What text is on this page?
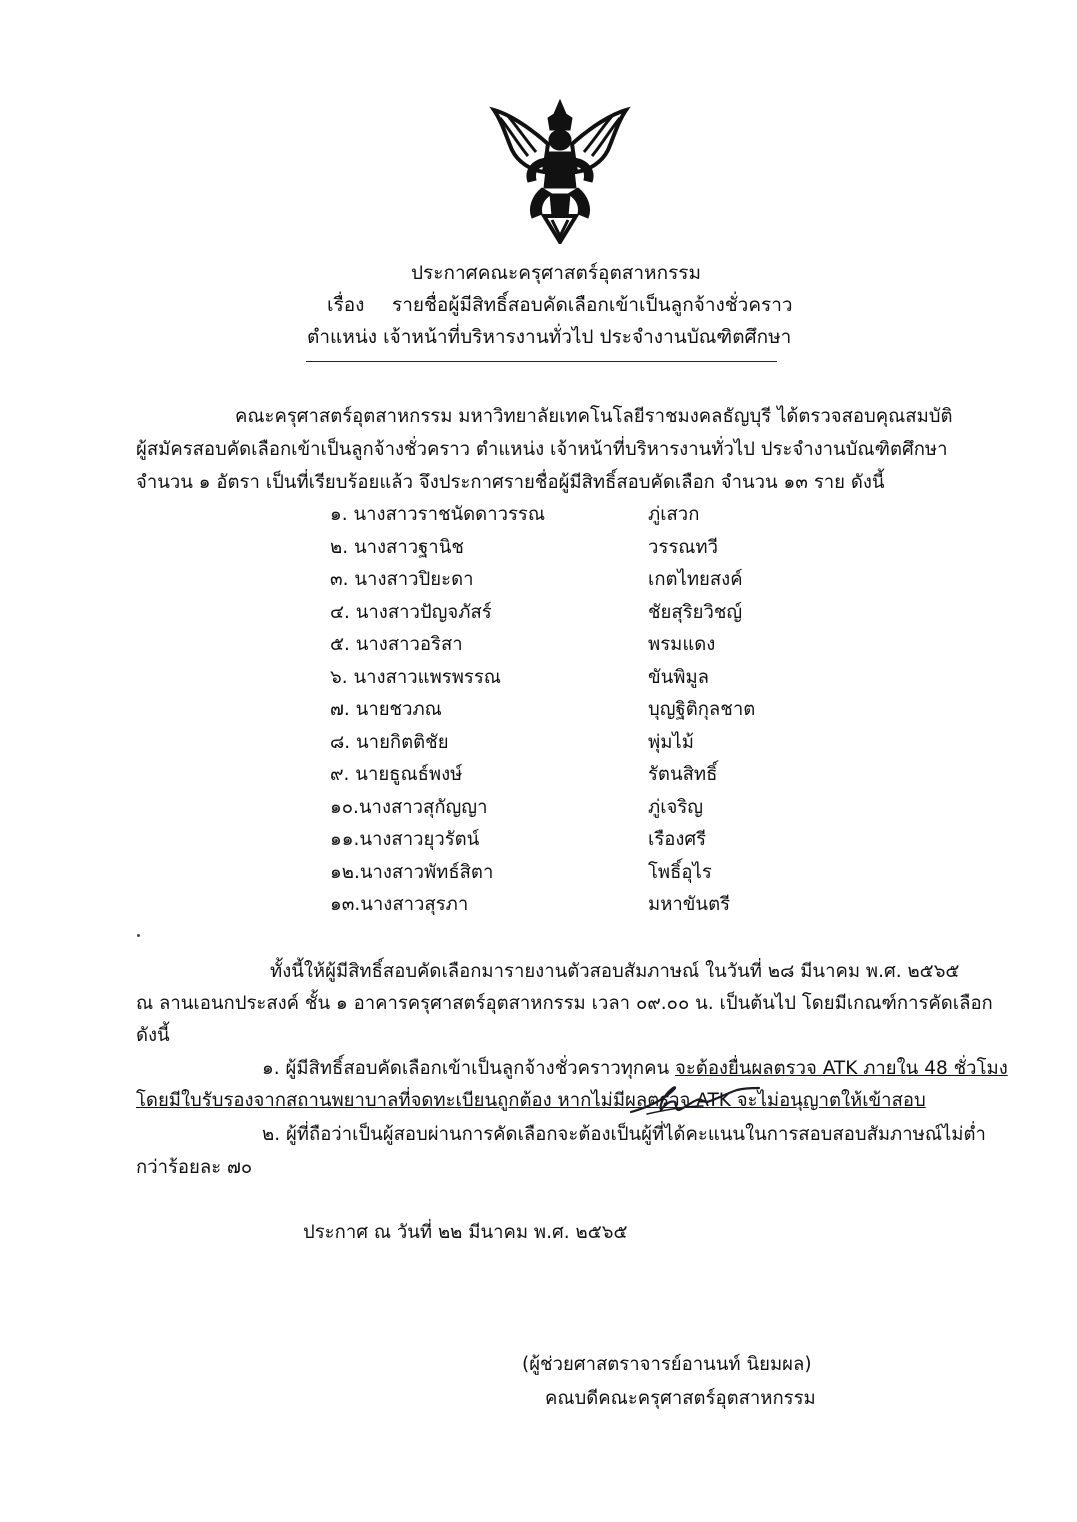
ประกาศคณะครุศาสตร์อุตสาหกรรม
เรื่อง รายชื่อผู้มีสิทธิ์สอบคัดเลือกเข้าเป็นลูกจ้างชั่วคราว
ตำแหน่ง เจ้าหน้าที่บริหารงานทั่วไป ประจำงานบัณฑิตศึกษา
คณะครุศาสตร์อุตสาหกรรม มหาวิทยาลัยเทคโนโลยีราชมงคลธัญบุรี ได้ตรวจสอบคุณสมบัติ
ผู้สมัครสอบคัดเลือกเข้าเป็นลูกจ้างชั่วคราว ตำแหน่ง เจ้าหน้าที่บริหารงานทั่วไป ประจำงานบัณฑิตศึกษา
จำนวน ๑ อัตรา เป็นที่เรียบร้อยแล้ว จึงประกาศรายชื่อผู้มีสิทธิ์สอบคัดเลือก จำนวน ๑๓ ราย ดังนี้
๑. นางสาวราชนัดดาวรรณ	ภู่เสวก
๒. นางสาวฐานิช	วรรณทวี
๓. นางสาวปิยะดา	เกตไทยสงค์
๔. นางสาวปัญจภัสร์	ชัยสุริยวิชญ์
๕. นางสาวอริสา	พรมแดง
๖. นางสาวแพรพรรณ	ขันพิมูล
๗. นายชวภณ	บุญฐิติกุลชาต
๘. นายกิตติชัย	พุ่มไม้
๙. นายธูณธ์พงษ์	รัตนสิทธิ์
๑๐.นางสาวสุกัญญา	ภู่เจริญ
๑๑.นางสาวยุวรัตน์	เรืองศรี
๑๒.นางสาวพัทธ์สิตา	โพธิ์อุไร
๑๓.นางสาวสุรภา	มหาขันตรี
ทั้งนี้ให้ผู้มีสิทธิ์สอบคัดเลือกมารายงานตัวสอบสัมภาษณ์ ในวันที่ ๒๘ มีนาคม พ.ศ. ๒๕๖๕
ณ ลานเอนกประสงค์ ชั้น ๑ อาคารครุศาสตร์อุตสาหกรรม เวลา ๐๙.๐๐ น. เป็นต้นไป โดยมีเกณฑ์การคัดเลือก
ดังนี้
๑. ผู้มีสิทธิ์สอบคัดเลือกเข้าเป็นลูกจ้างชั่วคราวทุกคน จะต้องยื่นผลตรวจ ATK ภายใน 48 ชั่วโมง
โดยมีใบรับรองจากสถานพยาบาลที่จดทะเบียนถูกต้อง หากไม่มีผลตรวจ ATK จะไม่อนุญาตให้เข้าสอบ
๒. ผู้ที่ถือว่าเป็นผู้สอบผ่านการคัดเลือกจะต้องเป็นผู้ที่ได้คะแนนในการสอบสอบสัมภาษณ์ไม่ต่ำ
กว่าร้อยละ ๗๐
ประกาศ ณ วันที่ ๒๒ มีนาคม พ.ศ. ๒๕๖๕
(ผู้ช่วยศาสตราจารย์อานนท์ นิยมผล)
คณบดีคณะครุศาสตร์อุตสาหกรรม
